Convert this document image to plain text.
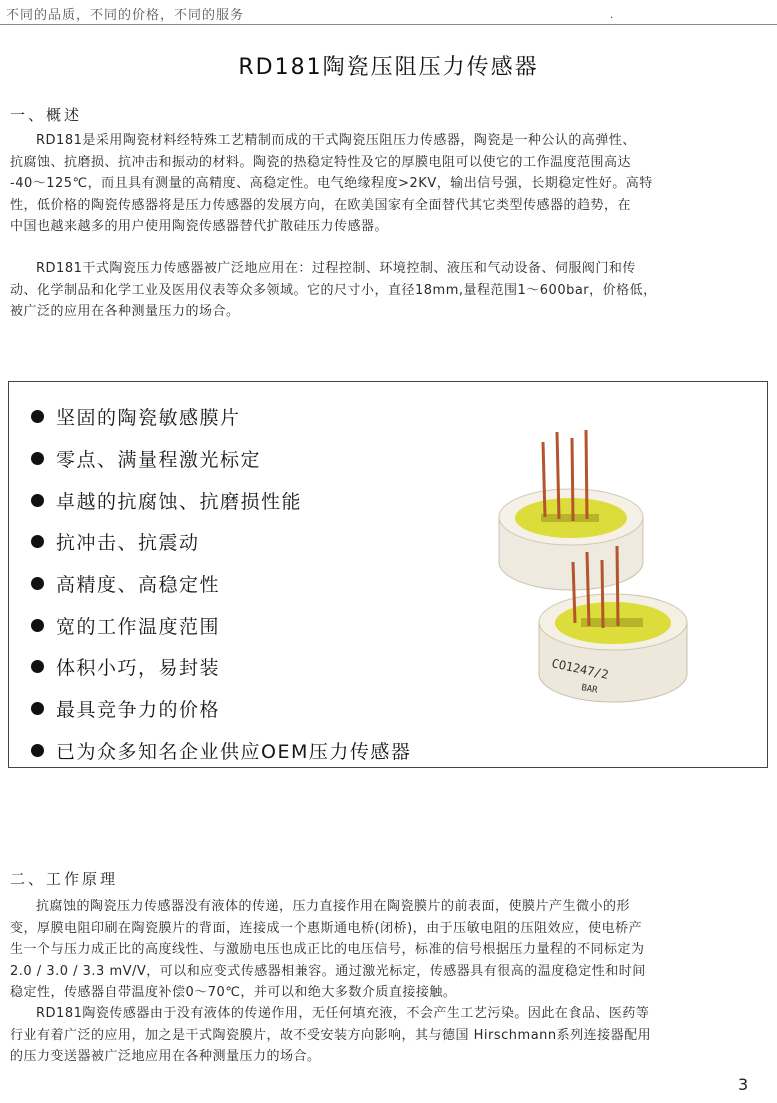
不同的品质，不同的价格，不同的服务	.
RD181陶瓷压阻压力传感器
一、概述
RD181是采用陶瓷材料经特殊工艺精制而成的干式陶瓷压阻压力传感器，陶瓷是一种公认的高弹性、
抗腐蚀、抗磨损、抗冲击和振动的材料。陶瓷的热稳定特性及它的厚膜电阻可以使它的工作温度范围高达
-40～125℃，而且具有测量的高精度、高稳定性。电气绝缘程度>2KV，输出信号强，长期稳定性好。高特
性，低价格的陶瓷传感器将是压力传感器的发展方向，在欧美国家有全面替代其它类型传感器的趋势，在
中国也越来越多的用户使用陶瓷传感器替代扩散硅压力传感器。
RD181干式陶瓷压力传感器被广泛地应用在：过程控制、环境控制、液压和气动设备、伺服阀门和传
动、化学制品和化学工业及医用仪表等众多领域。它的尺寸小，直径18mm,量程范围1～600bar，价格低，
被广泛的应用在各种测量压力的场合。
坚固的陶瓷敏感膜片
零点、满量程激光标定
卓越的抗腐蚀、抗磨损性能
抗冲击、抗震动
高精度、高稳定性
宽的工作温度范围
体积小巧，易封装
最具竞争力的价格
已为众多知名企业供应OEM压力传感器
CO1247/2
BAR
二、工作原理
抗腐蚀的陶瓷压力传感器没有液体的传递，压力直接作用在陶瓷膜片的前表面，使膜片产生微小的形
变，厚膜电阻印刷在陶瓷膜片的背面，连接成一个惠斯通电桥(闭桥)，由于压敏电阻的压阻效应，使电桥产
生一个与压力成正比的高度线性、与激励电压也成正比的电压信号，标准的信号根据压力量程的不同标定为
2.0 / 3.0 / 3.3 mV/V，可以和应变式传感器相兼容。通过激光标定，传感器具有很高的温度稳定性和时间
稳定性，传感器自带温度补偿0～70℃，并可以和绝大多数介质直接接触。
RD181陶瓷传感器由于没有液体的传递作用，无任何填充液，不会产生工艺污染。因此在食品、医药等
行业有着广泛的应用，加之是干式陶瓷膜片，故不受安装方向影响，其与德国 Hirschmann系列连接器配用
的压力变送器被广泛地应用在各种测量压力的场合。
3
